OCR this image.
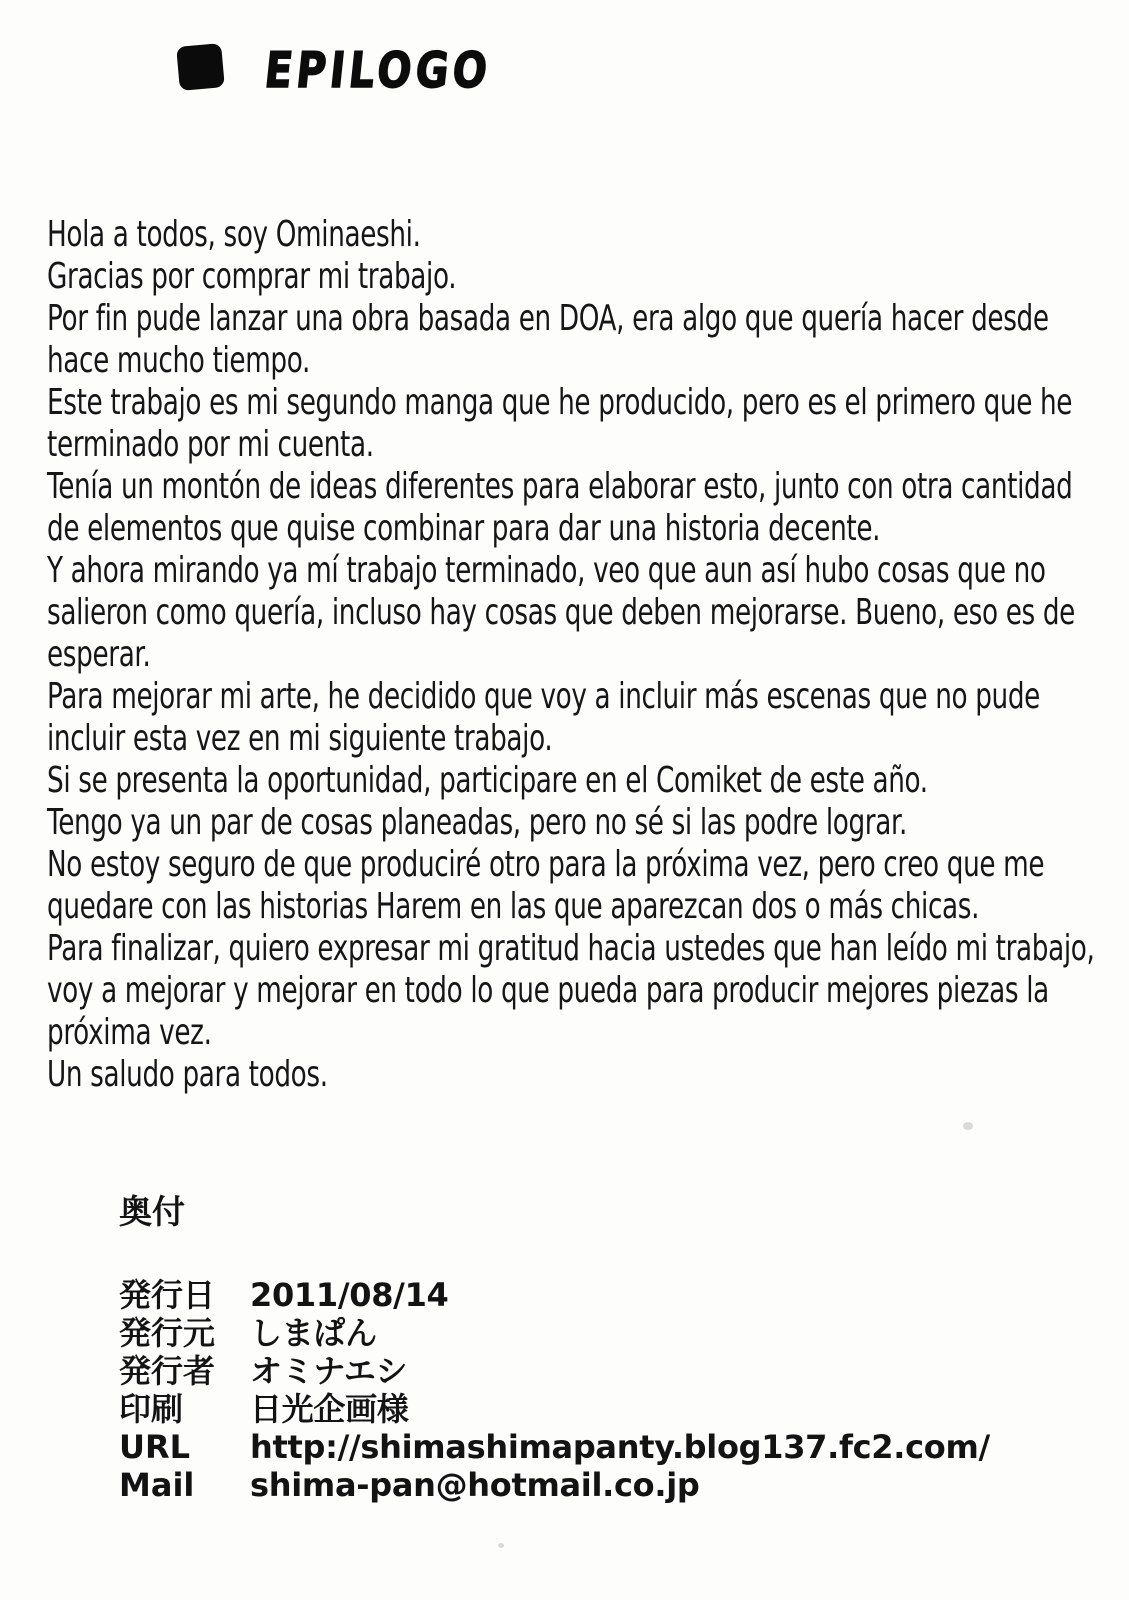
EPILOGO
Hola a todos, soy Ominaeshi.
Gracias por comprar mi trabajo.
Por fin pude lanzar una obra basada en DOA, era algo que quería hacer desde
hace mucho tiempo.
Este trabajo es mi segundo manga que he producido, pero es el primero que he
terminado por mi cuenta.
Tenía un montón de ideas diferentes para elaborar esto, junto con otra cantidad
de elementos que quise combinar para dar una historia decente.
Y ahora mirando ya mí trabajo terminado, veo que aun así hubo cosas que no
salieron como quería, incluso hay cosas que deben mejorarse. Bueno, eso es de
esperar.
Para mejorar mi arte, he decidido que voy a incluir más escenas que no pude
incluir esta vez en mi siguiente trabajo.
Si se presenta la oportunidad, participare en el Comiket de este año.
Tengo ya un par de cosas planeadas, pero no sé si las podre lograr.
No estoy seguro de que produciré otro para la próxima vez, pero creo que me
quedare con las historias Harem en las que aparezcan dos o más chicas.
Para finalizar, quiero expresar mi gratitud hacia ustedes que han leído mi trabajo,
voy a mejorar y mejorar en todo lo que pueda para producir mejores piezas la
próxima vez.
Un saludo para todos.
奥付
発行日	2011/08/14
発行元	しまぱん
発行者	オミナエシ
印刷	日光企画様
URL	http://shimashimapanty.blog137.fc2.com/
Mail	shima-pan@hotmail.co.jp
